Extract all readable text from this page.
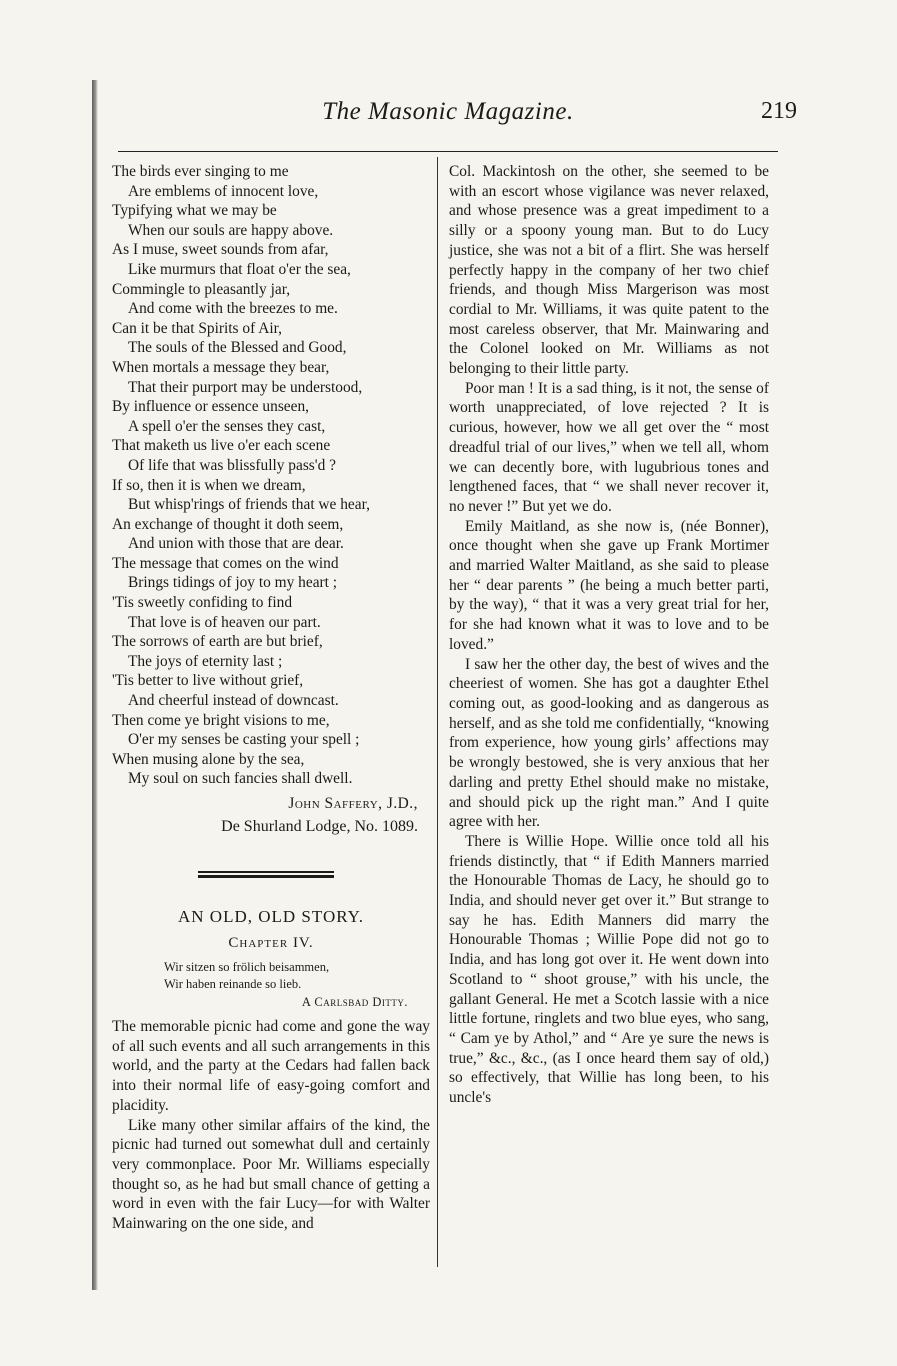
The Masonic Magazine.	219
The birds ever singing to me
Are emblems of innocent love,
Typifying what we may be
When our souls are happy above.
As I muse, sweet sounds from afar,
Like murmurs that float o'er the sea,
Commingle to pleasantly jar,
And come with the breezes to me.
Can it be that Spirits of Air,
The souls of the Blessed and Good,
When mortals a message they bear,
That their purport may be understood,
By influence or essence unseen,
A spell o'er the senses they cast,
That maketh us live o'er each scene
Of life that was blissfully pass'd ?
If so, then it is when we dream,
But whisp'rings of friends that we hear,
An exchange of thought it doth seem,
And union with those that are dear.
The message that comes on the wind
Brings tidings of joy to my heart ;
'Tis sweetly confiding to find
That love is of heaven our part.
The sorrows of earth are but brief,
The joys of eternity last ;
'Tis better to live without grief,
And cheerful instead of downcast.
Then come ye bright visions to me,
O'er my senses be casting your spell ;
When musing alone by the sea,
My soul on such fancies shall dwell.
John Saffery, J.D.,
De Shurland Lodge, No. 1089.
AN OLD, OLD STORY.
Chapter IV.
Wir sitzen so frölich beisammen,
Wir haben reinande so lieb.
A Carlsbad Ditty.

The memorable picnic had come and gone the way of all such events and all such arrangements in this world, and the party at the Cedars had fallen back into their normal life of easy-going comfort and placidity.

Like many other similar affairs of the kind, the picnic had turned out somewhat dull and certainly very commonplace. Poor Mr. Williams especially thought so, as he had but small chance of getting a word in even with the fair Lucy—for with Walter Mainwaring on the one side, and

Col. Mackintosh on the other, she seemed to be with an escort whose vigilance was never relaxed, and whose presence was a great impediment to a silly or a spoony young man. But to do Lucy justice, she was not a bit of a flirt. She was herself perfectly happy in the company of her two chief friends, and though Miss Margerison was most cordial to Mr. Williams, it was quite patent to the most careless observer, that Mr. Mainwaring and the Colonel looked on Mr. Williams as not belonging to their little party.

Poor man ! It is a sad thing, is it not, the sense of worth unappreciated, of love rejected ? It is curious, however, how we all get over the “ most dreadful trial of our lives,” when we tell all, whom we can decently bore, with lugubrious tones and lengthened faces, that “ we shall never recover it, no never !” But yet we do.

Emily Maitland, as she now is, (née Bonner), once thought when she gave up Frank Mortimer and married Walter Maitland, as she said to please her “ dear parents ” (he being a much better parti, by the way), “ that it was a very great trial for her, for she had known what it was to love and to be loved.”

I saw her the other day, the best of wives and the cheeriest of women. She has got a daughter Ethel coming out, as good-looking and as dangerous as herself, and as she told me confidentially, “knowing from experience, how young girls’ affections may be wrongly bestowed, she is very anxious that her darling and pretty Ethel should make no mistake, and should pick up the right man.” And I quite agree with her.

There is Willie Hope. Willie once told all his friends distinctly, that “ if Edith Manners married the Honourable Thomas de Lacy, he should go to India, and should never get over it.” But strange to say he has. Edith Manners did marry the Honourable Thomas ; Willie Pope did not go to India, and has long got over it. He went down into Scotland to “ shoot grouse,” with his uncle, the gallant General. He met a Scotch lassie with a nice little fortune, ringlets and two blue eyes, who sang, “ Cam ye by Athol,” and “ Are ye sure the news is true,” &c., &c., (as I once heard them say of old,) so effectively, that Willie has long been, to his uncle's
